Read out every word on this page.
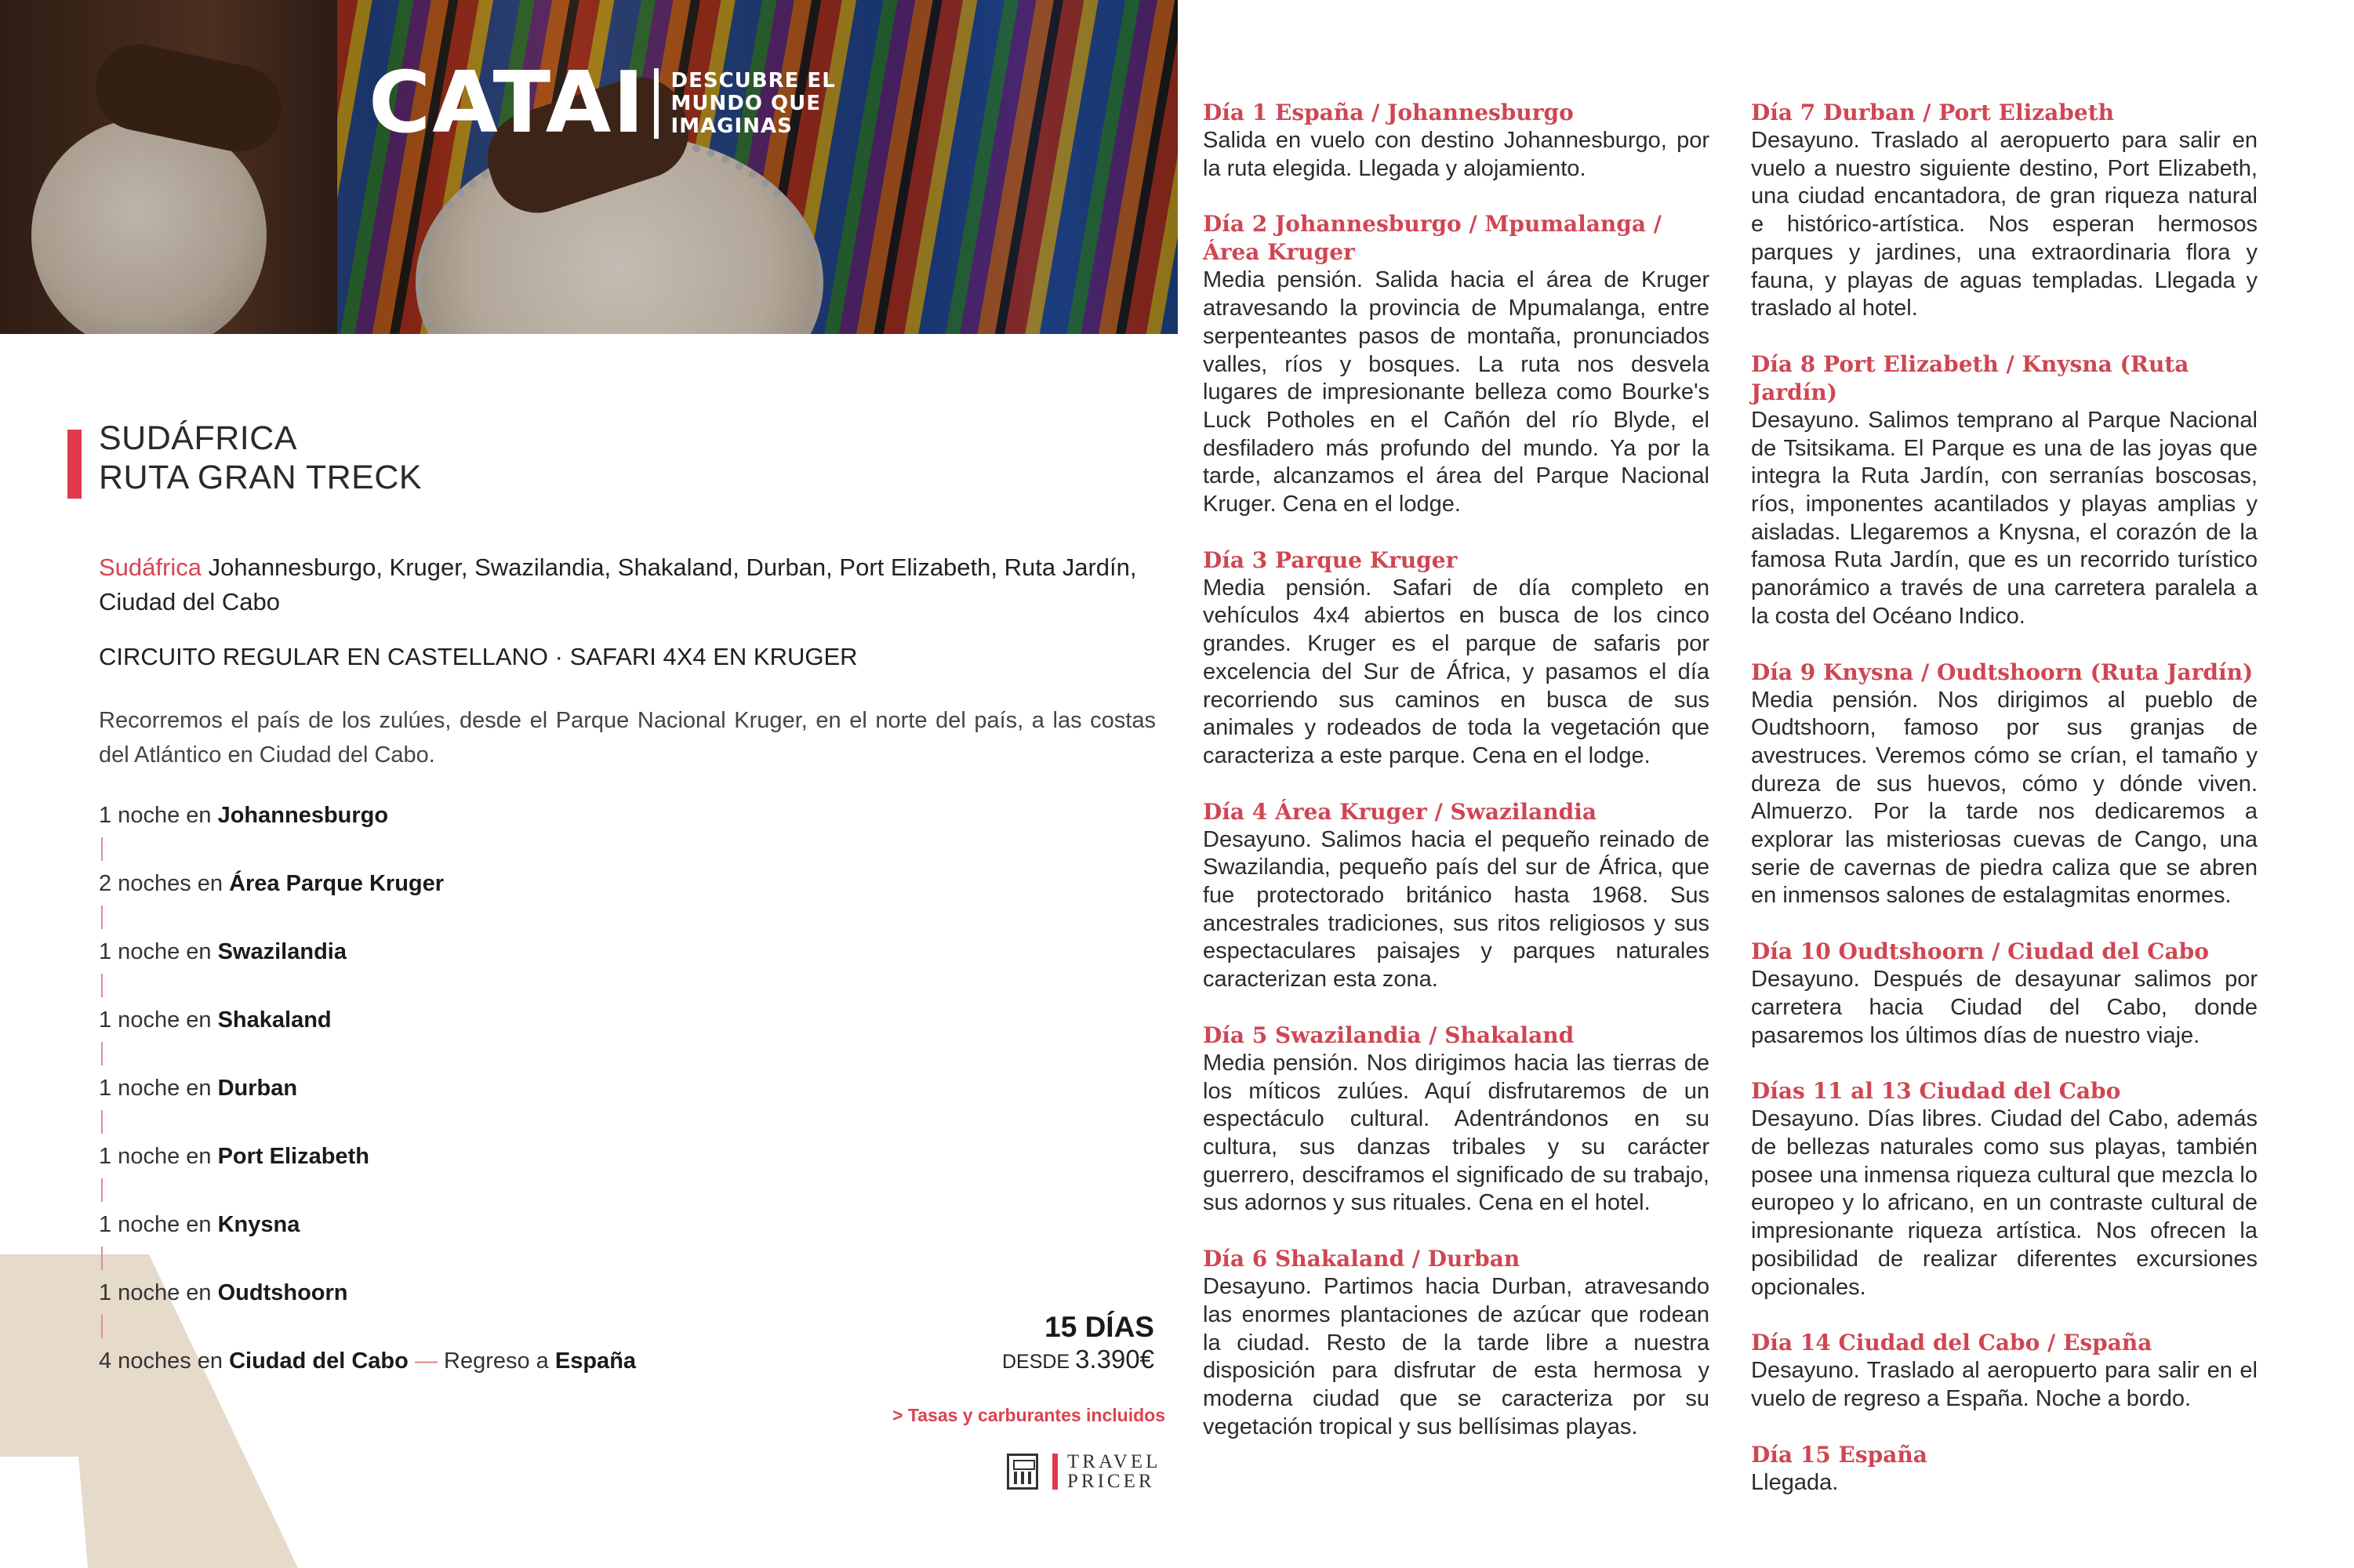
CATAI DESCUBRE EL
MUNDO QUE
IMAGINAS
SUDÁFRICA
RUTA GRAN TRECK
Sudáfrica Johannesburgo, Kruger, Swazilandia, Shakaland, Durban, Port Elizabeth, Ruta Jardín, Ciudad del Cabo
CIRCUITO REGULAR EN CASTELLANO · SAFARI 4X4 EN KRUGER
Recorremos el país de los zulúes, desde el Parque Nacional Kruger, en el norte del país, a las costas del Atlántico en Ciudad del Cabo.
1 noche en Johannesburgo
2 noches en Área Parque Kruger
1 noche en Swazilandia
1 noche en Shakaland
1 noche en Durban
1 noche en Port Elizabeth
1 noche en Knysna
1 noche en Oudtshoorn
4 noches en Ciudad del Cabo — Regreso a España
15 DÍAS
DESDE 3.390€
> Tasas y carburantes incluidos
TRAVEL
PRICER
Día 1 España / Johannesburgo
Salida en vuelo con destino Johannesburgo, por la ruta elegida. Llegada y alojamiento.
Día 2 Johannesburgo / Mpumalanga / Área Kruger
Media pensión. Salida hacia el área de Kruger atravesando la provincia de Mpumalanga, entre serpenteantes pasos de montaña, pronunciados valles, ríos y bosques. La ruta nos desvela lugares de impresionante belleza como Bourke's Luck Potholes en el Cañón del río Blyde, el desfiladero más profundo del mundo. Ya por la tarde, alcanzamos el área del Parque Nacional Kruger. Cena en el lodge.
Día 3 Parque Kruger
Media pensión. Safari de día completo en vehículos 4x4 abiertos en busca de los cinco grandes. Kruger es el parque de safaris por excelencia del Sur de África, y pasamos el día recorriendo sus caminos en busca de sus animales y rodeados de toda la vegetación que caracteriza a este parque. Cena en el lodge.
Día 4 Área Kruger / Swazilandia
Desayuno. Salimos hacia el pequeño reinado de Swazilandia, pequeño país del sur de África, que fue protectorado británico hasta 1968. Sus ancestrales tradiciones, sus ritos religiosos y sus espectaculares paisajes y parques naturales caracterizan esta zona.
Día 5 Swazilandia / Shakaland
Media pensión. Nos dirigimos hacia las tierras de los míticos zulúes. Aquí disfrutaremos de un espectáculo cultural. Adentrándonos en su cultura, sus danzas tribales y su carácter guerrero, desciframos el significado de su trabajo, sus adornos y sus rituales. Cena en el hotel.
Día 6 Shakaland / Durban
Desayuno. Partimos hacia Durban, atravesando las enormes plantaciones de azúcar que rodean la ciudad. Resto de la tarde libre a nuestra disposición para disfrutar de esta hermosa y moderna ciudad que se caracteriza por su vegetación tropical y sus bellísimas playas.
Día 7 Durban / Port Elizabeth
Desayuno. Traslado al aeropuerto para salir en vuelo a nuestro siguiente destino, Port Elizabeth, una ciudad encantadora, de gran riqueza natural e histórico-artística. Nos esperan hermosos parques y jardines, una extraordinaria flora y fauna, y playas de aguas templadas. Llegada y traslado al hotel.
Día 8 Port Elizabeth / Knysna (Ruta Jardín)
Desayuno. Salimos temprano al Parque Nacional de Tsitsikama. El Parque es una de las joyas que integra la Ruta Jardín, con serranías boscosas, ríos, imponentes acantilados y playas amplias y aisladas. Llegaremos a Knysna, el corazón de la famosa Ruta Jardín, que es un recorrido turístico panorámico a través de una carretera paralela a la costa del Océano Indico.
Día 9 Knysna / Oudtshoorn (Ruta Jardín)
Media pensión. Nos dirigimos al pueblo de Oudtshoorn, famoso por sus granjas de avestruces. Veremos cómo se crían, el tamaño y dureza de sus huevos, cómo y dónde viven. Almuerzo. Por la tarde nos dedicaremos a explorar las misteriosas cuevas de Cango, una serie de cavernas de piedra caliza que se abren en inmensos salones de estalagmitas enormes.
Día 10 Oudtshoorn / Ciudad del Cabo
Desayuno. Después de desayunar salimos por carretera hacia Ciudad del Cabo, donde pasaremos los últimos días de nuestro viaje.
Días 11 al 13 Ciudad del Cabo
Desayuno. Días libres. Ciudad del Cabo, además de bellezas naturales como sus playas, también posee una inmensa riqueza cultural que mezcla lo europeo y lo africano, en un contraste cultural de impresionante riqueza artística. Nos ofrecen la posibilidad de realizar diferentes excursiones opcionales.
Día 14 Ciudad del Cabo / España
Desayuno. Traslado al aeropuerto para salir en el vuelo de regreso a España. Noche a bordo.
Día 15 España
Llegada.
